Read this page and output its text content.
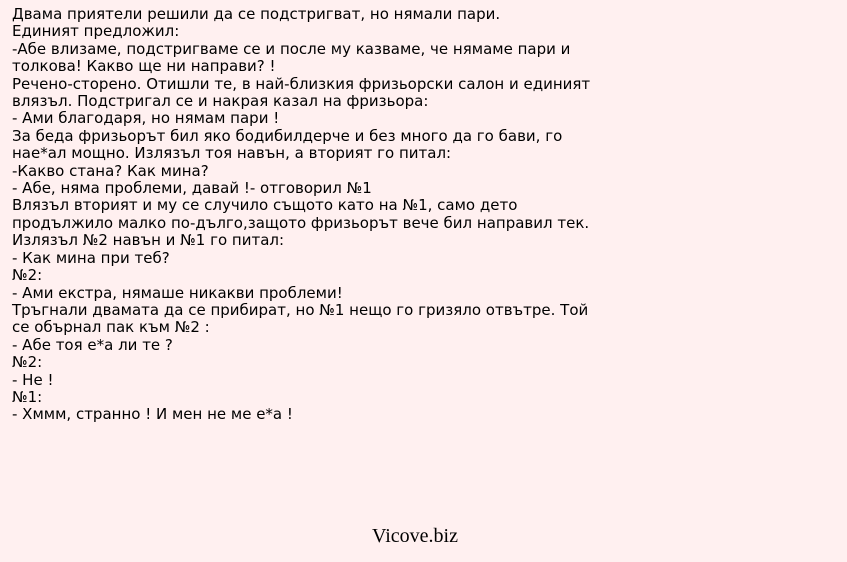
Двама приятели решили да се подстригват, но нямали пари.
Единият предложил:
-Абе влизаме, подстригваме се и после му казваме, че нямаме пари и
толкова! Какво ще ни направи? !
Речено-сторено. Отишли те, в най-близкия фризьорски салон и единият
влязъл. Подстригал се и накрая казал на фризьора:
- Ами благодаря, но нямам пари !
За беда фризьорът бил яко бодибилдерче и без много да го бави, го
нае*ал мощно. Излязъл тоя навън, а вторият го питал:
-Какво стана? Как мина?
- Абе, няма проблеми, давай !- отговорил №1
Влязъл вторият и му се случило същото като на №1, само дето
продължило малко по-дълго,защото фризьорът вече бил направил тек.
Излязъл №2 навън и №1 го питал:
- Как мина при теб?
№2:
- Ами екстра, нямаше никакви проблеми!
Тръгнали двамата да се прибират, но №1 нещо го гризяло отвътре. Той
се обърнал пак към №2 :
- Абе тоя е*а ли те ?
№2:
- Не !
№1:
- Хммм, странно ! И мен не ме е*а !
Vicove.biz
